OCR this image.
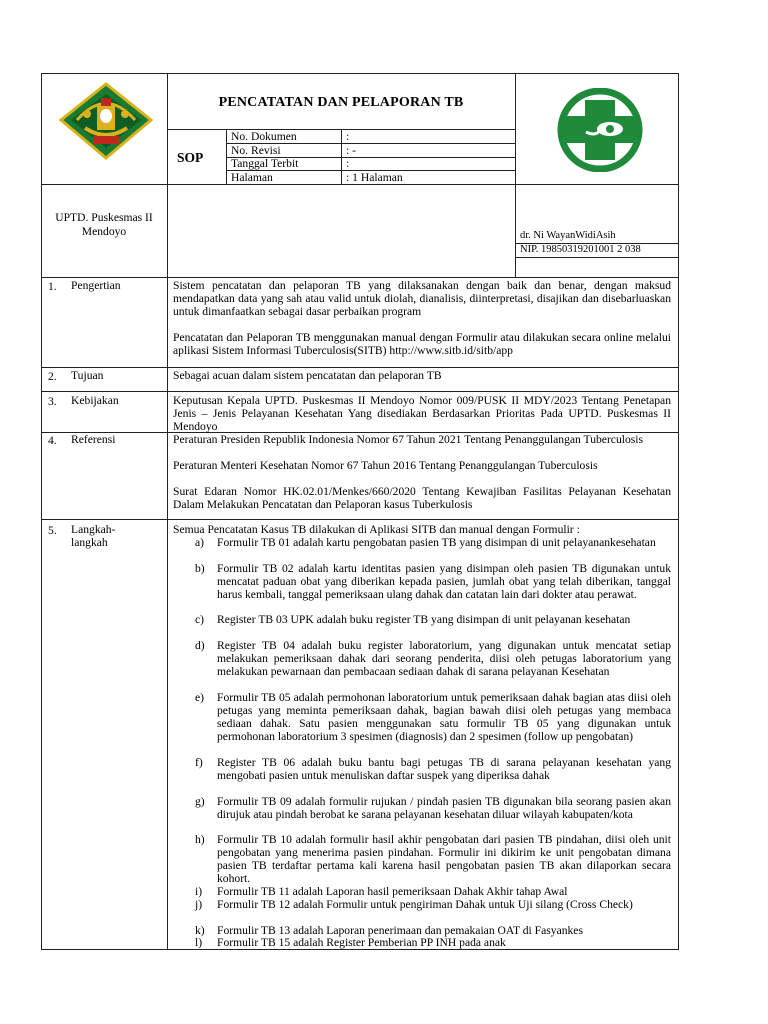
PENCATATAN DAN PELAPORAN TB
SOP
No. Dokumen	:
No. Revisi	: -
Tanggal Terbit	:
Halaman	: 1 Halaman
UPTD. Puskesmas II Mendoyo	dr. Ni WayanWidiAsih
NIP. 19850319201001 2 038
1. Pengertian	Sistem pencatatan dan pelaporan TB yang dilaksanakan dengan baik dan benar, dengan maksud mendapatkan data yang sah atau valid untuk diolah, dianalisis, diinterpretasi, disajikan dan disebarluaskan untuk dimanfaatkan sebagai dasar perbaikan program
Pencatatan dan Pelaporan TB menggunakan manual dengan Formulir atau dilakukan secara online melalui aplikasi Sistem Informasi Tuberculosis(SITB) http://www.sitb.id/sitb/app
2. Tujuan	Sebagai acuan dalam sistem pencatatan dan pelaporan TB
3. Kebijakan	Keputusan Kepala UPTD. Puskesmas II Mendoyo Nomor 009/PUSK II MDY/2023 Tentang Penetapan Jenis – Jenis Pelayanan Kesehatan Yang disediakan Berdasarkan Prioritas Pada UPTD. Puskesmas II Mendoyo
4. Referensi	Peraturan Presiden Republik Indonesia Nomor 67 Tahun 2021 Tentang Penanggulangan Tuberculosis
Peraturan Menteri Kesehatan Nomor 67 Tahun 2016 Tentang Penanggulangan Tuberculosis
Surat Edaran Nomor HK.02.01/Menkes/660/2020 Tentang Kewajiban Fasilitas Pelayanan Kesehatan Dalam Melakukan Pencatatan dan Pelaporan kasus Tuberkulosis
5. Langkah-langkah
Semua Pencatatan Kasus TB dilakukan di Aplikasi SITB dan manual dengan Formulir :
a) Formulir TB 01 adalah kartu pengobatan pasien TB yang disimpan di unit pelayanankesehatan
b) Formulir TB 02 adalah kartu identitas pasien yang disimpan oleh pasien TB digunakan untuk mencatat paduan obat yang diberikan kepada pasien, jumlah obat yang telah diberikan, tanggal harus kembali, tanggal pemeriksaan ulang dahak dan catatan lain dari dokter atau perawat.
c) Register TB 03 UPK adalah buku register TB yang disimpan di unit pelayanan kesehatan
d) Register TB 04 adalah buku register laboratorium, yang digunakan untuk mencatat setiap melakukan pemeriksaan dahak dari seorang penderita, diisi oleh petugas laboratorium yang melakukan pewarnaan dan pembacaan sediaan dahak di sarana pelayanan Kesehatan
e) Formulir TB 05 adalah permohonan laboratorium untuk pemeriksaan dahak bagian atas diisi oleh petugas yang meminta pemeriksaan dahak, bagian bawah diisi oleh petugas yang membaca sediaan dahak. Satu pasien menggunakan satu formulir TB 05 yang digunakan untuk permohonan laboratorium 3 spesimen (diagnosis) dan 2 spesimen (follow up pengobatan)
f) Register TB 06 adalah buku bantu bagi petugas TB di sarana pelayanan kesehatan yang mengobati pasien untuk menuliskan daftar suspek yang diperiksa dahak
g) Formulir TB 09 adalah formulir rujukan / pindah pasien TB digunakan bila seorang pasien akan dirujuk atau pindah berobat ke sarana pelayanan kesehatan diluar wilayah kabupaten/kota
h) Formulir TB 10 adalah formulir hasil akhir pengobatan dari pasien TB pindahan, diisi oleh unit pengobatan yang menerima pasien pindahan. Formulir ini dikirim ke unit pengobatan dimana pasien TB terdaftar pertama kali karena hasil pengobatan pasien TB akan dilaporkan secara kohort.
i) Formulir TB 11 adalah Laporan hasil pemeriksaan Dahak Akhir tahap Awal
j) Formulir TB 12 adalah Formulir untuk pengiriman Dahak untuk Uji silang (Cross Check)
k) Formulir TB 13 adalah Laporan penerimaan dan pemakaian OAT di Fasyankes
l) Formulir TB 15 adalah Register Pemberian PP INH pada anak
